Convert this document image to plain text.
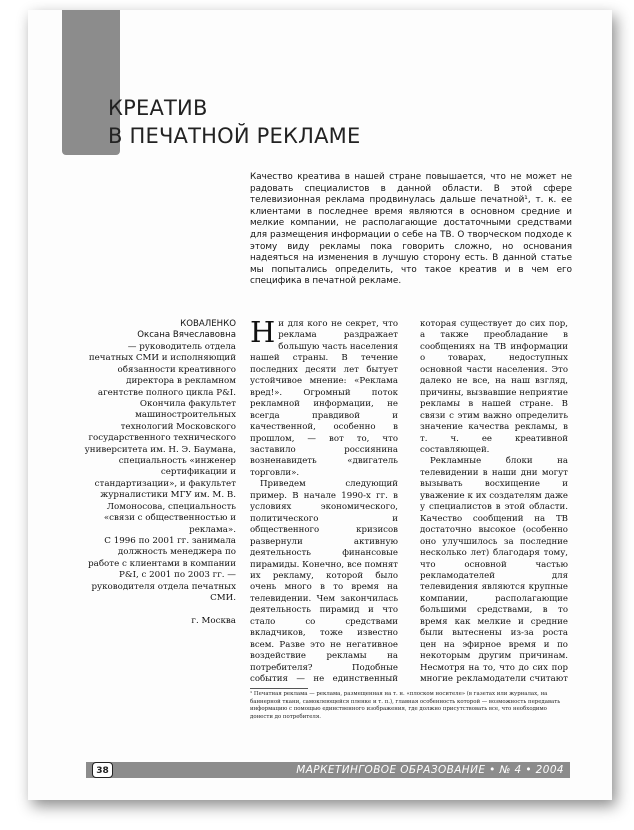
КРЕАТИВ
В ПЕЧАТНОЙ РЕКЛАМЕ
Качество креатива в нашей стране повышается, что не может не радовать специалистов в данной области. В этой сфере телевизионная реклама продвинулась дальше печатной¹, т. к. ее клиентами в последнее время являются в основном средние и мелкие компании, не располагающие достаточными средствами для размещения информации о себе на ТВ. О творческом подходе к этому виду рекламы пока говорить сложно, но основания надеяться на изменения в лучшую сторону есть. В данной статье мы попытались определить, что такое креатив и в чем его специфика в печатной рекламе.
КОВАЛЕНКО
Оксана Вячеславовна

— руководитель отдела печатных СМИ и исполняющий обязанности креативного директора в рекламном агентстве полного цикла P&I.

Окончила факультет машиностроительных технологий Московского государственного технического университета им. Н. Э. Баумана, специальность «инженер сертификации и стандартизации», и факультет журналистики МГУ им. М. В. Ломоносова, специальность «связи с общественностью и реклама».

С 1996 по 2001 гг. занимала должность менеджера по работе с клиентами в компании P&I, с 2001 по 2003 гг. — руководителя отдела печатных СМИ.

г. Москва

Ни для кого не секрет, что реклама раздражает большую часть населения нашей страны. В течение последних десяти лет бытует устойчивое мнение: «Реклама вред!». Огромный поток рекламной информации, не всегда правдивой и качественной, особенно в прошлом, — вот то, что заставило россиянина возненавидеть «двигатель торговли».

Приведем следующий пример. В начале 1990-х гг. в условиях экономического, политического и общественного кризисов развернули активную деятельность финансовые пирамиды. Конечно, все помнят их рекламу, которой было очень много в то время на телевидении. Чем закончилась деятельность пирамид и что стало со средствами вкладчиков, тоже известно всем. Разве это не негативное воздействие рекламы на потребителя? Подобные события — не единственный

которая существует до сих пор, а также преобладание в сообщениях на ТВ информации о товарах, недоступных основной части населения. Это далеко не все, на наш взгляд, причины, вызвавшие неприятие рекламы в нашей стране. В связи с этим важно определить значение качества рекламы, в т. ч. ее креативной составляющей.

Рекламные блоки на телевидении в наши дни могут вызывать восхищение и уважение к их создателям даже у специалистов в этой области. Качество сообщений на ТВ достаточно высокое (особенно оно улучшилось за последние несколько лет) благодаря тому, что основной частью рекламодателей для телевидения являются крупные компании, располагающие большими средствами, в то время как мелкие и средние были вытеснены из-за роста цен на эфирное время и по некоторым другим причинам. Несмотря на то, что до сих пор многие рекламодатели считают

¹ Печатная реклама — реклама, размещенная на т. н. «плоском носителе» (в газетах или журналах, на баннерной ткани, самоклеющейся пленке и т. п.), главная особенность которой — возможность передавать информацию с помощью единственного изображения, где должно присутствовать все, что необходимо донести до потребителя.
38	МАРКЕТИНГОВОЕ ОБРАЗОВАНИЕ • № 4 • 2004
